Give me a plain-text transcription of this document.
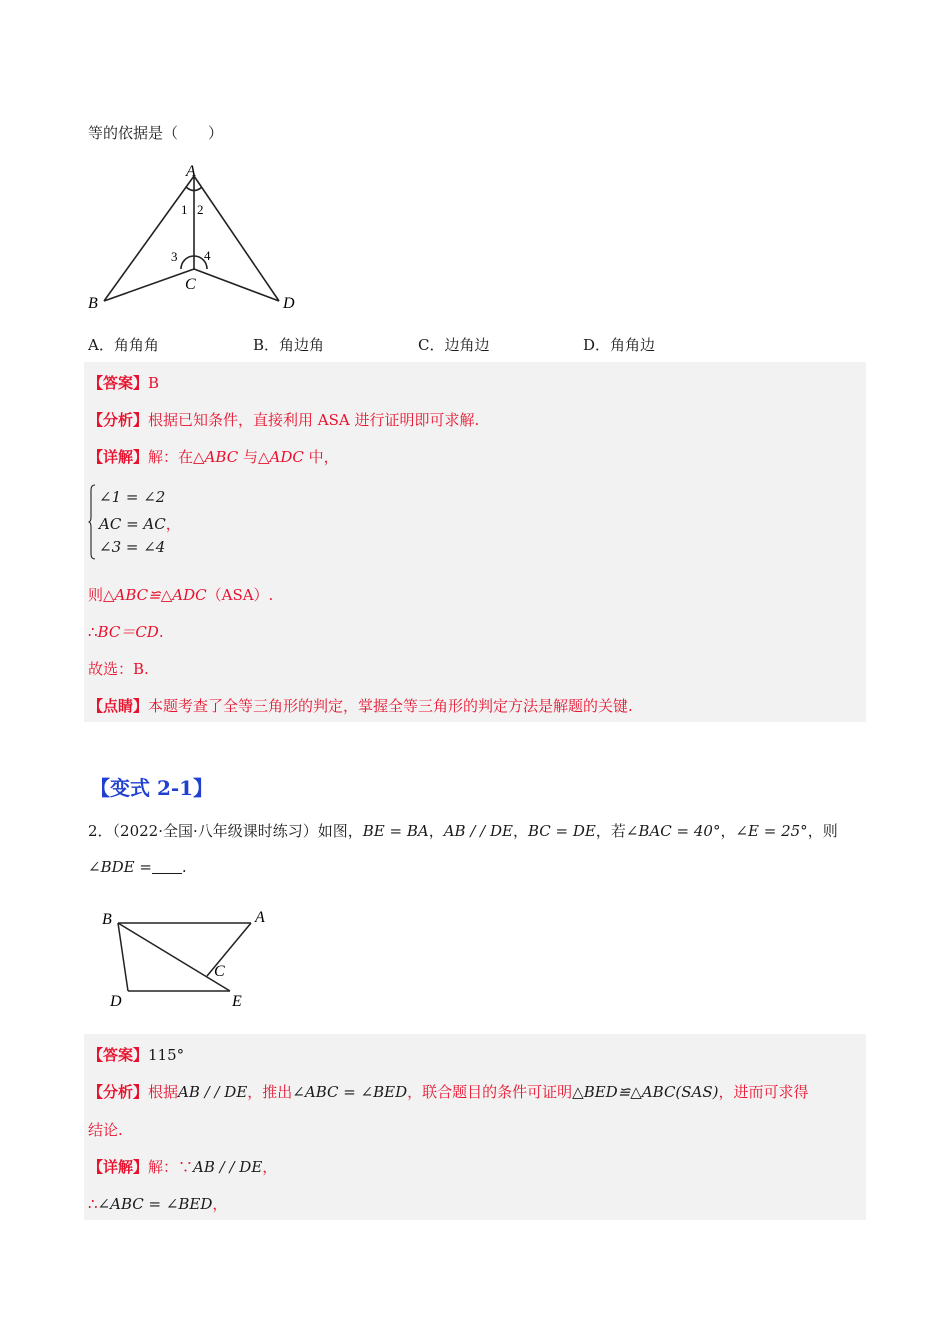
等的依据是（　　）
A
B
C
D
1 2
3 4
A．角角角	B．角边角	C．边角边	D．角角边
【答案】B
【分析】根据已知条件，直接利用 ASA 进行证明即可求解.
【详解】解：在△ABC 与△ADC 中，
∠1 = ∠2
AC = AC，
∠3 = ∠4
则△ABC≌△ADC（ASA）.
∴BC＝CD.
故选：B.
【点睛】本题考查了全等三角形的判定，掌握全等三角形的判定方法是解题的关键.
【变式 2-1】
2．（2022·全国·八年级课时练习）如图，BE = BA，AB / / DE，BC = DE，若∠BAC = 40°，∠E = 25°，则
∠BDE = .
B	A
C
D	E
【答案】115°
【分析】根据AB / / DE，推出∠ABC = ∠BED，联合题目的条件可证明△BED≌△ABC(SAS)，进而可求得
结论.
【详解】解：∵AB / / DE，
∴∠ABC = ∠BED，
